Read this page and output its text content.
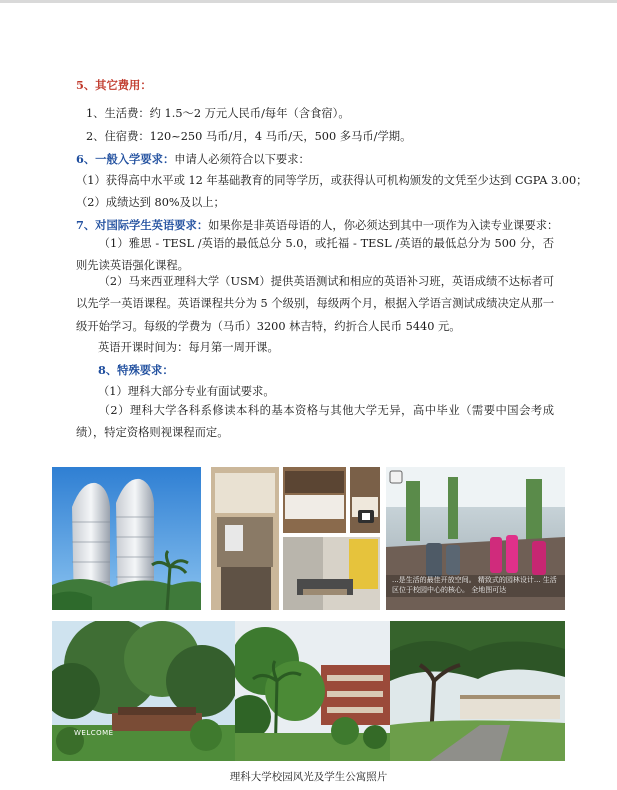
5、其它费用：
1、生活费：约 1.5～2 万元人民币/每年（含食宿）。
2、住宿费：120~250 马币/月，4 马币/天，500 多马币/学期。
6、一般入学要求：申请人必须符合以下要求：
（1）获得高中水平或 12 年基础教育的同等学历，或获得认可机构颁发的文凭至少达到 CGPA 3.00；
（2）成绩达到 80%及以上；
7、对国际学生英语要求：如果你是非英语母语的人，你必须达到其中一项作为入读专业课要求：
（1）雅思 - TESL /英语的最低总分 5.0，或托福 - TESL /英语的最低总分为 500 分，否则先读英语强化课程。
（2）马来西亚理科大学（USM）提供英语测试和相应的英语补习班，英语成绩不达标者可以先学一英语课程。英语课程共分为 5 个级别，每级两个月，根据入学语言测试成绩决定从那一级开始学习。每级的学费为（马币）3200 林吉特，约折合人民币 5440 元。
英语开课时间为：每月第一周开课。
8、特殊要求：
（1）理科大部分专业有面试要求。
（2）理科大学各科系修读本科的基本资格与其他大学无异，高中毕业（需要中国会考成绩），特定资格则视课程而定。
...是生活的最佳开放空间。 精致式的园林设计... 生活区位于校园中心的核心。 全地图可达
WELCOME
理科大学校园风光及学生公寓照片
